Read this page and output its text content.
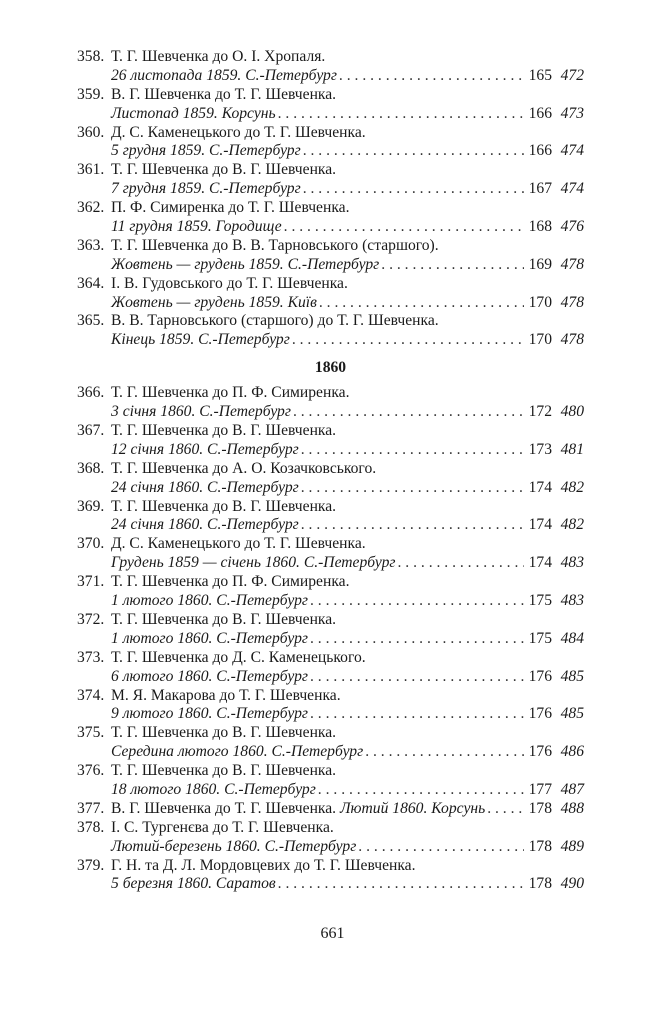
358. Т. Г. Шевченка до О. І. Хропаля.
26 листопада 1859. С.-Петербург . . .	165 472
359. В. Г. Шевченка до Т. Г. Шевченка.
Листопад 1859. Корсунь . . .	166 473
360. Д. С. Каменецького до Т. Г. Шевченка.
5 грудня 1859. С.-Петербург . . .	166 474
361. Т. Г. Шевченка до В. Г. Шевченка.
7 грудня 1859. С.-Петербург . . .	167 474
362. П. Ф. Симиренка до Т. Г. Шевченка.
11 грудня 1859. Городище . . .	168 476
363. Т. Г. Шевченка до В. В. Тарновського (старшого).
Жовтень — грудень 1859. С.-Петербург . . .	169 478
364. І. В. Гудовського до Т. Г. Шевченка.
Жовтень — грудень 1859. Київ . . .	170 478
365. В. В. Тарновського (старшого) до Т. Г. Шевченка.
Кінець 1859. С.-Петербург . . .	170 478
1860
366. Т. Г. Шевченка до П. Ф. Симиренка.
3 січня 1860. С.-Петербург . . .	172 480
367. Т. Г. Шевченка до В. Г. Шевченка.
12 січня 1860. С.-Петербург . . .	173 481
368. Т. Г. Шевченка до А. О. Козачковського.
24 січня 1860. С.-Петербург . . .	174 482
369. Т. Г. Шевченка до В. Г. Шевченка.
24 січня 1860. С.-Петербург . . .	174 482
370. Д. С. Каменецького до Т. Г. Шевченка.
Грудень 1859 — січень 1860. С.-Петербург . . .	174 483
371. Т. Г. Шевченка до П. Ф. Симиренка.
1 лютого 1860. С.-Петербург . . .	175 483
372. Т. Г. Шевченка до В. Г. Шевченка.
1 лютого 1860. С.-Петербург . . .	175 484
373. Т. Г. Шевченка до Д. С. Каменецького.
6 лютого 1860. С.-Петербург . . .	176 485
374. М. Я. Макарова до Т. Г. Шевченка.
9 лютого 1860. С.-Петербург . . .	176 485
375. Т. Г. Шевченка до В. Г. Шевченка.
Середина лютого 1860. С.-Петербург . . .	176 486
376. Т. Г. Шевченка до В. Г. Шевченка.
18 лютого 1860. С.-Петербург . . .	177 487
377. В. Г. Шевченка до Т. Г. Шевченка.
Лютий 1860. Корсунь . . .	178 488
378. І. С. Тургенєва до Т. Г. Шевченка.
Лютий-березень 1860. С.-Петербург . . .	178 489
379. Г. Н. та Д. Л. Мордовцевих до Т. Г. Шевченка.
5 березня 1860. Саратов . . .	178 490
661
